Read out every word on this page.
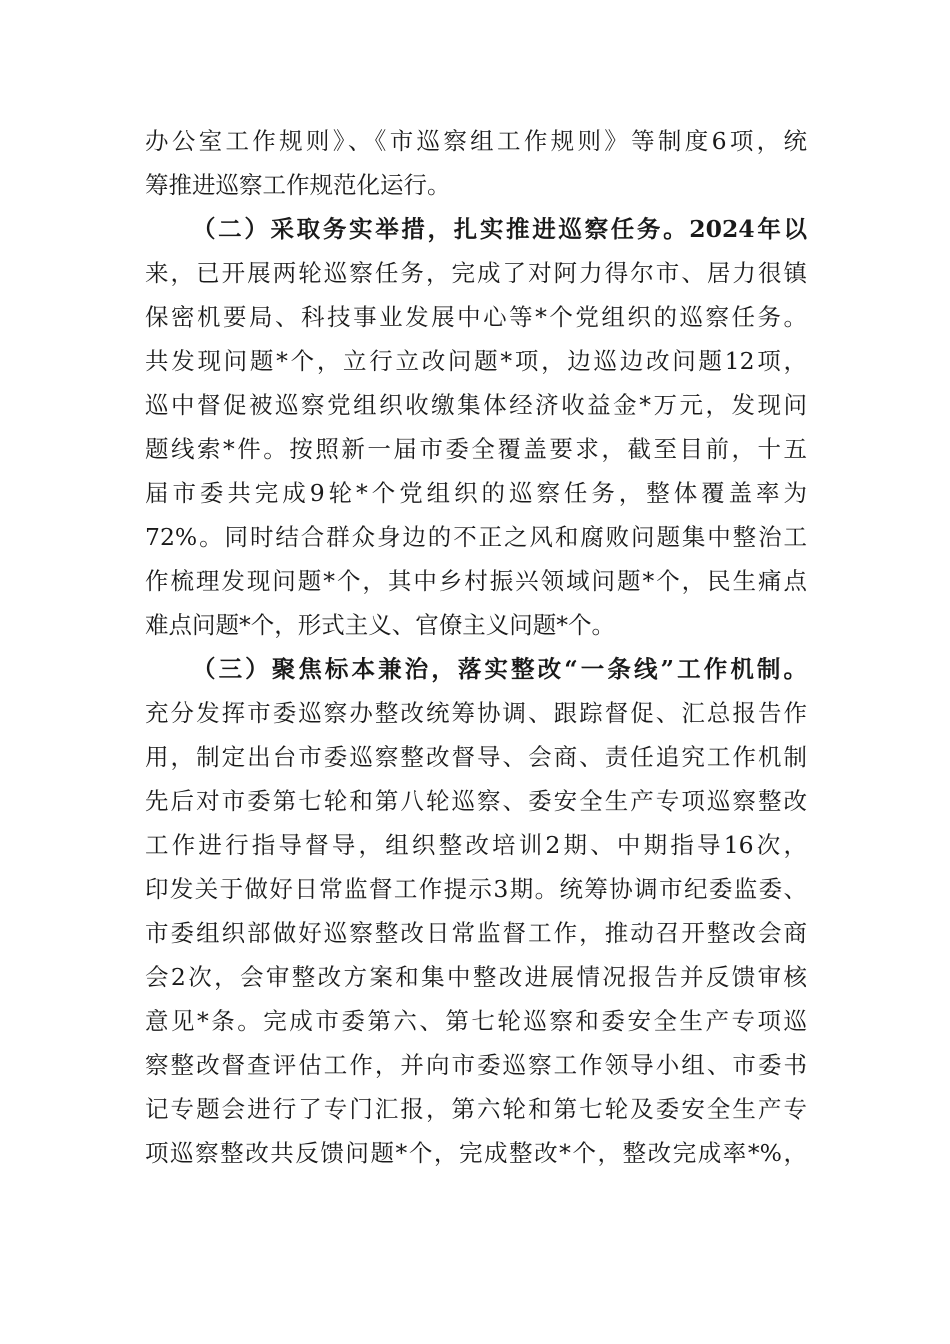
办公室工作规则》、《市巡察组工作规则》等制度6项，统
筹推进巡察工作规范化运行。
（二）采取务实举措，扎实推进巡察任务。2024年以
来，已开展两轮巡察任务，完成了对阿力得尔市、居力很镇
保密机要局、科技事业发展中心等*个党组织的巡察任务。
共发现问题*个，立行立改问题*项，边巡边改问题12项，
巡中督促被巡察党组织收缴集体经济收益金*万元，发现问
题线索*件。按照新一届市委全覆盖要求，截至目前，十五
届市委共完成9轮*个党组织的巡察任务，整体覆盖率为
72%。同时结合群众身边的不正之风和腐败问题集中整治工
作梳理发现问题*个，其中乡村振兴领域问题*个，民生痛点
难点问题*个，形式主义、官僚主义问题*个。
（三）聚焦标本兼治，落实整改“一条线”工作机制。
充分发挥市委巡察办整改统筹协调、跟踪督促、汇总报告作
用，制定出台市委巡察整改督导、会商、责任追究工作机制
先后对市委第七轮和第八轮巡察、委安全生产专项巡察整改
工作进行指导督导，组织整改培训2期、中期指导16次，
印发关于做好日常监督工作提示3期。统筹协调市纪委监委、
市委组织部做好巡察整改日常监督工作，推动召开整改会商
会2次，会审整改方案和集中整改进展情况报告并反馈审核
意见*条。完成市委第六、第七轮巡察和委安全生产专项巡
察整改督查评估工作，并向市委巡察工作领导小组、市委书
记专题会进行了专门汇报，第六轮和第七轮及委安全生产专
项巡察整改共反馈问题*个，完成整改*个，整改完成率*%，
